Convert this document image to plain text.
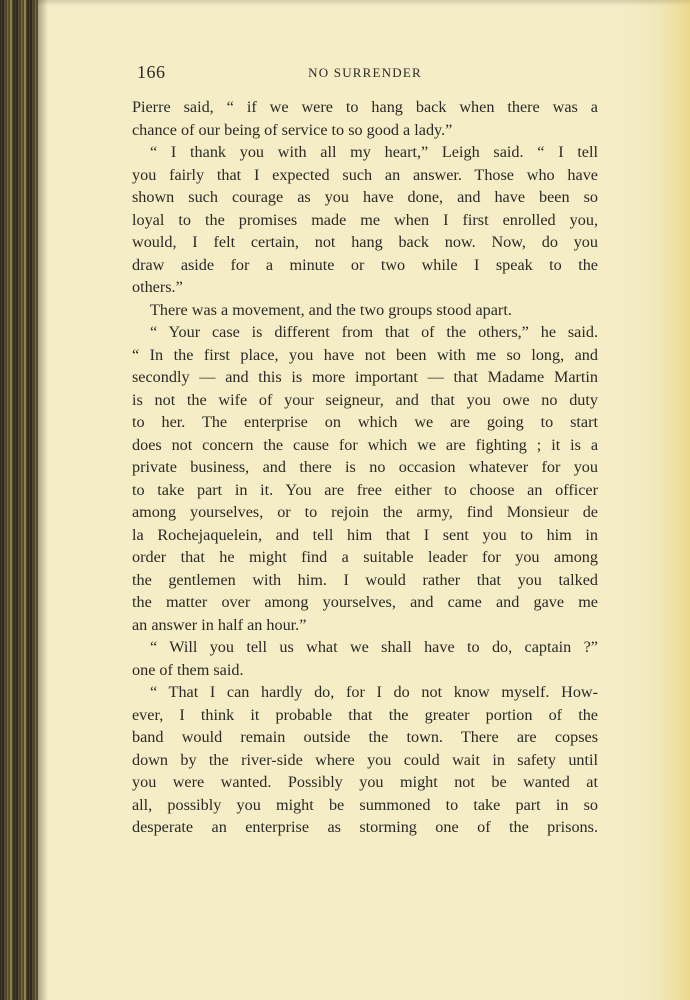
166	NO SURRENDER
Pierre said, “ if we were to hang back when there was a
chance of our being of service to so good a lady.”
“ I thank you with all my heart,” Leigh said. “ I tell
you fairly that I expected such an answer. Those who have
shown such courage as you have done, and have been so
loyal to the promises made me when I first enrolled you,
would, I felt certain, not hang back now. Now, do you
draw aside for a minute or two while I speak to the
others.”
There was a movement, and the two groups stood apart.
“ Your case is different from that of the others,” he said.
“ In the first place, you have not been with me so long, and
secondly — and this is more important — that Madame Martin
is not the wife of your seigneur, and that you owe no duty
to her. The enterprise on which we are going to start
does not concern the cause for which we are fighting ; it is a
private business, and there is no occasion whatever for you
to take part in it. You are free either to choose an officer
among yourselves, or to rejoin the army, find Monsieur de
la Rochejaquelein, and tell him that I sent you to him in
order that he might find a suitable leader for you among
the gentlemen with him. I would rather that you talked
the matter over among yourselves, and came and gave me
an answer in half an hour.”
“ Will you tell us what we shall have to do, captain ?”
one of them said.
“ That I can hardly do, for I do not know myself. How-
ever, I think it probable that the greater portion of the
band would remain outside the town. There are copses
down by the river-side where you could wait in safety until
you were wanted. Possibly you might not be wanted at
all, possibly you might be summoned to take part in so
desperate an enterprise as storming one of the prisons.
